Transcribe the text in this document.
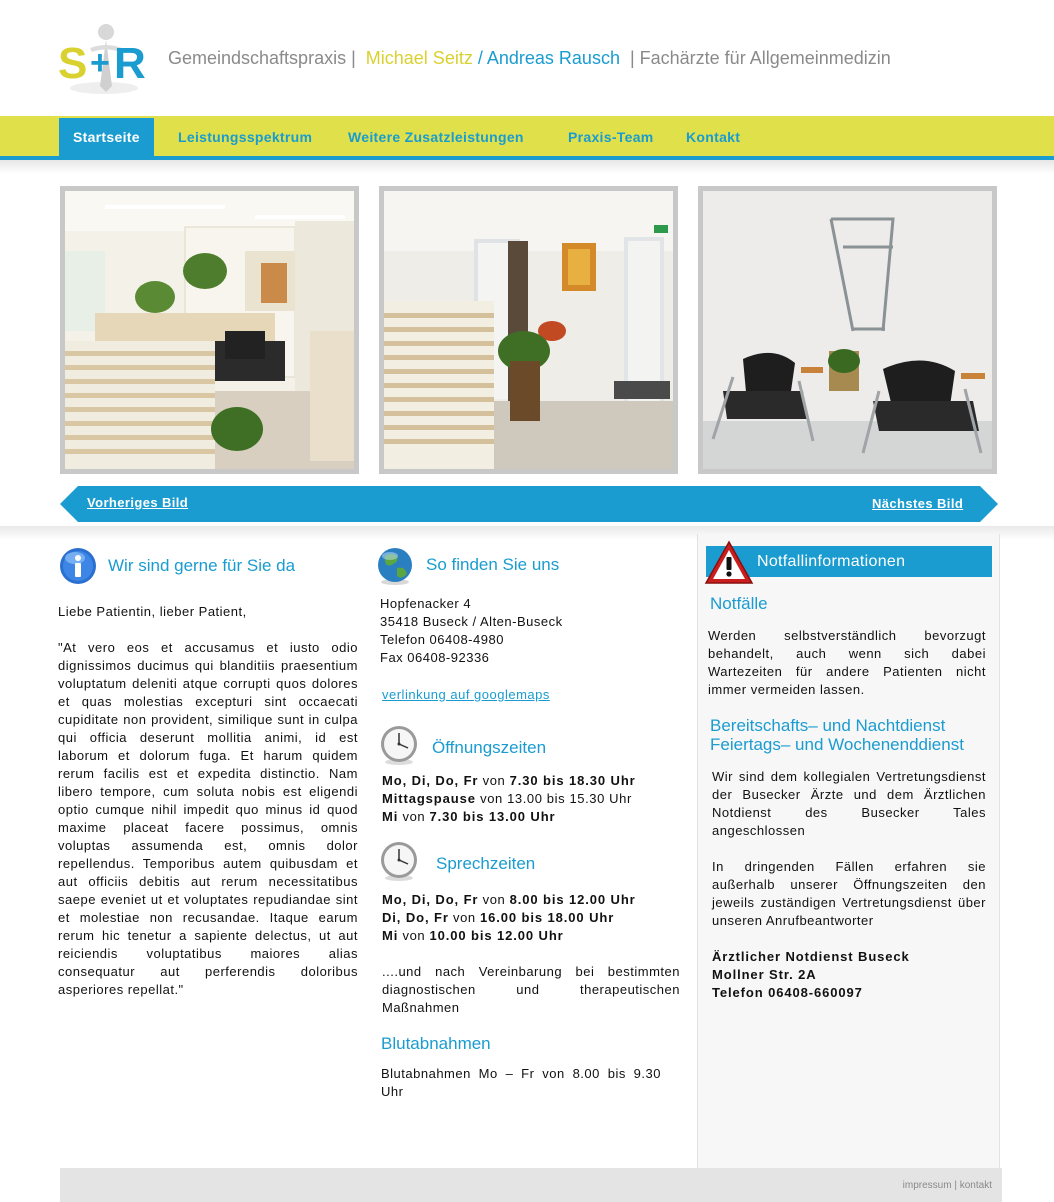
S + R Gemeindschaftspraxis | Michael Seitz / Andreas Rausch | Fachärzte für Allgemeinmedizin
Startseite	Leistungsspektrum	Weitere Zusatzleistungen	Praxis-Team Kontakt
Vorheriges Bild	Nächstes Bild
Wir sind gerne für Sie da
Liebe Patientin, lieber Patient,
"At vero eos et accusamus et iusto odio dignissimos ducimus qui blanditiis praesentium voluptatum deleniti atque corrupti quos dolores et quas molestias excepturi sint occaecati cupiditate non provident, similique sunt in culpa qui officia deserunt mollitia animi, id est laborum et dolorum fuga. Et harum quidem rerum facilis est et expedita distinctio. Nam libero tempore, cum soluta nobis est eligendi optio cumque nihil impedit quo minus id quod maxime placeat facere possimus, omnis voluptas assumenda est, omnis dolor repellendus. Temporibus autem quibusdam et aut officiis debitis aut rerum necessitatibus saepe eveniet ut et voluptates repudiandae sint et molestiae non recusandae. Itaque earum rerum hic tenetur a sapiente delectus, ut aut reiciendis voluptatibus maiores alias consequatur aut perferendis doloribus asperiores repellat."
So finden Sie uns
Hopfenacker 4
35418 Buseck / Alten-Buseck
Telefon 06408-4980
Fax 06408-92336
verlinkung auf googlemaps
Öffnungszeiten
Mo, Di, Do, Fr von 7.30 bis 18.30 Uhr
Mittagspause von 13.00 bis 15.30 Uhr
Mi von 7.30 bis 13.00 Uhr
Sprechzeiten
Mo, Di, Do, Fr von 8.00 bis 12.00 Uhr
Di, Do, Fr von 16.00 bis 18.00 Uhr
Mi von 10.00 bis 12.00 Uhr
....und nach Vereinbarung bei bestimmten diagnostischen und therapeutischen Maßnahmen
Blutabnahmen
Blutabnahmen Mo – Fr von 8.00 bis 9.30 Uhr
Notfallinformationen
Notfälle
Werden selbstverständlich bevorzugt behandelt, auch wenn sich dabei Wartezeiten für andere Patienten nicht immer vermeiden lassen.
Bereitschafts– und Nachtdienst
Feiertags– und Wochenenddienst
Wir sind dem kollegialen Vertretungsdienst der Busecker Ärzte und dem Ärztlichen Notdienst des Busecker Tales angeschlossen
In dringenden Fällen erfahren sie außerhalb unserer Öffnungszeiten den jeweils zuständigen Vertretungsdienst über unseren Anrufbeantworter
Ärztlicher Notdienst Buseck
Mollner Str. 2A
Telefon 06408-660097
impressum | kontakt
